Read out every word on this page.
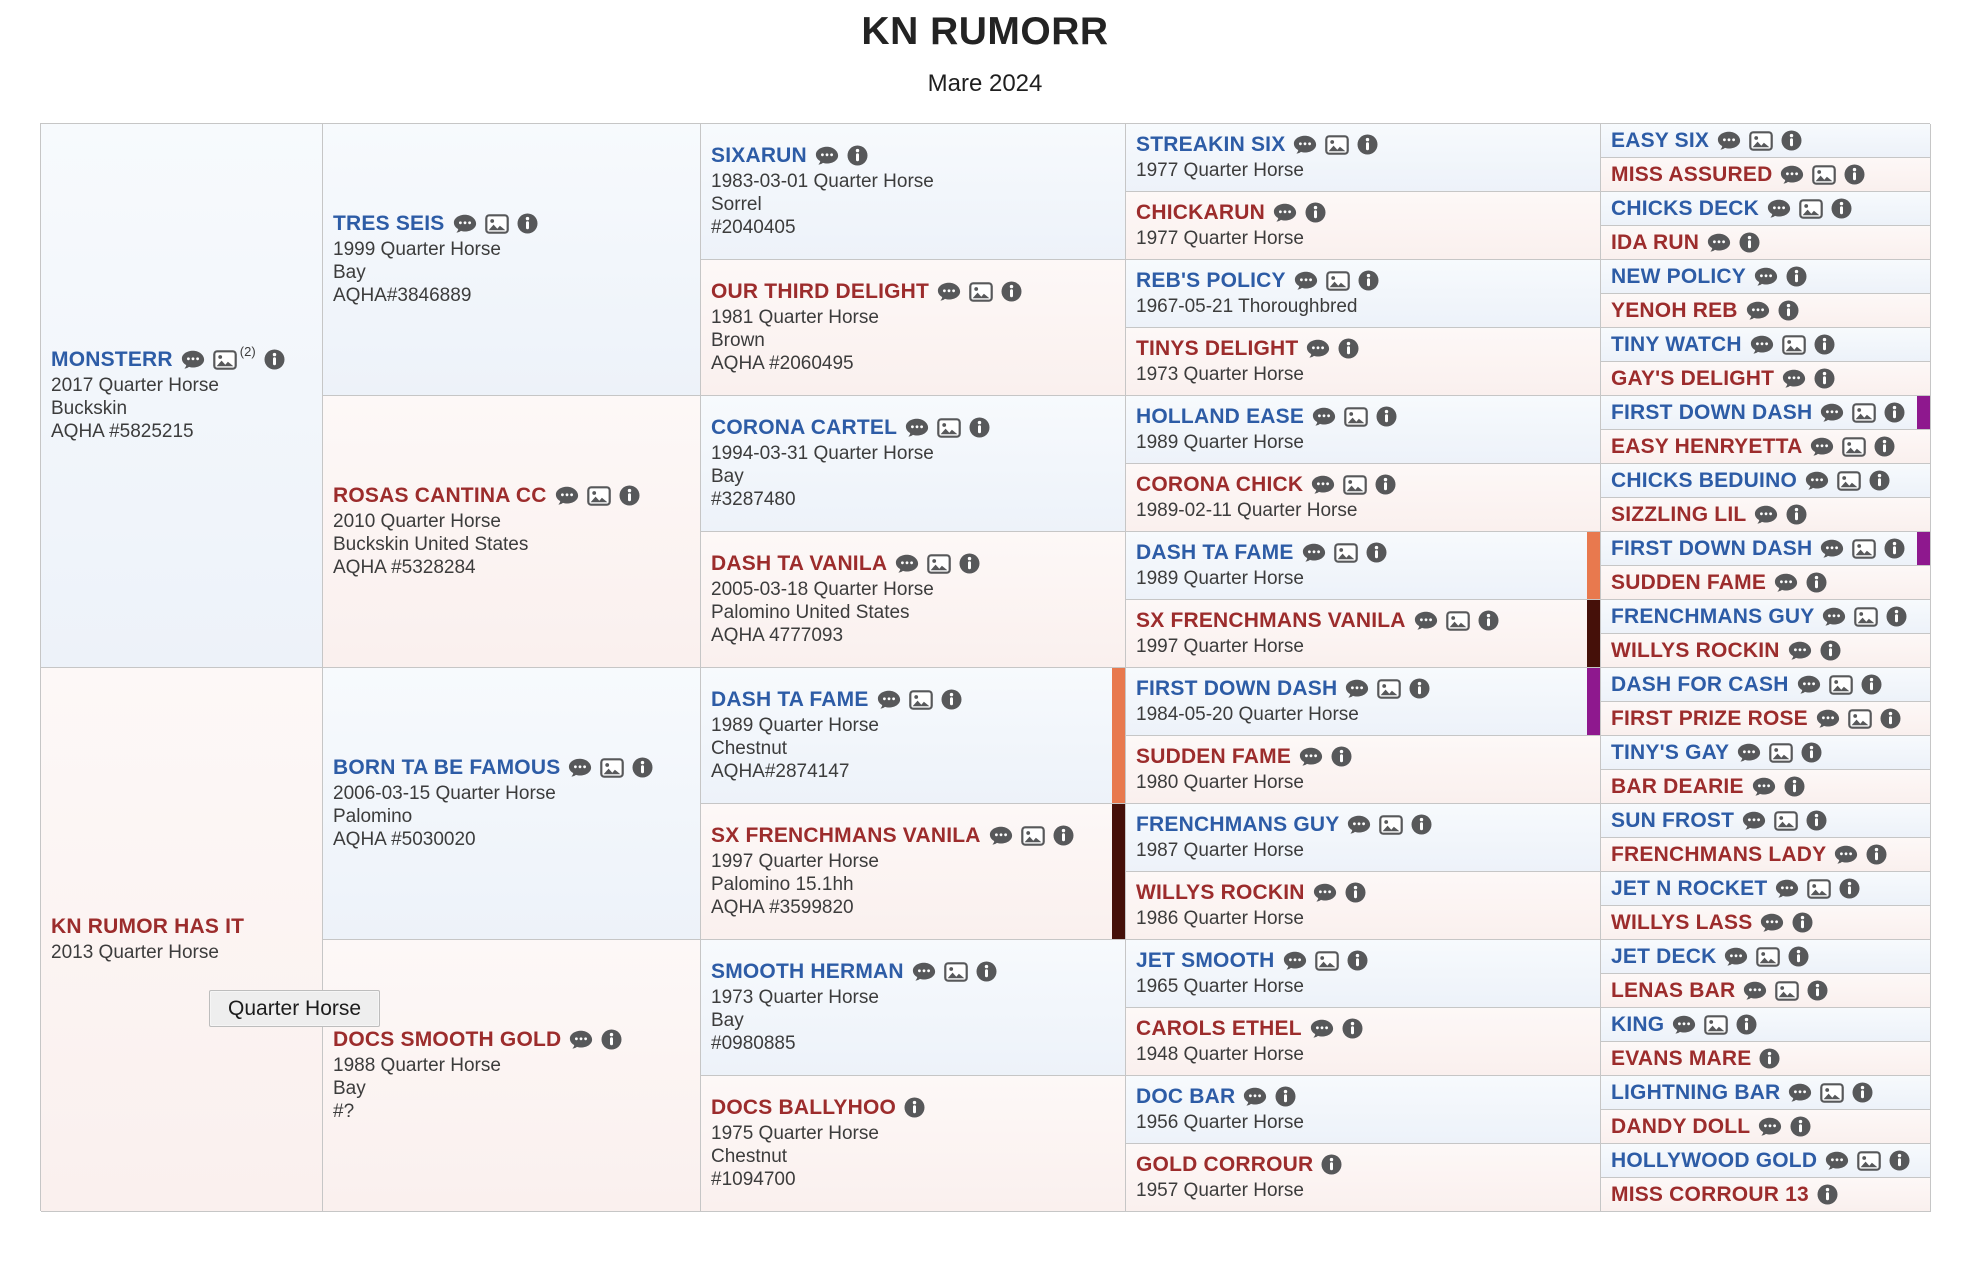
KN RUMORR
Mare 2024
MONSTERR	(2)
2017 Quarter Horse
Buckskin
AQHA #5825215
KN RUMOR HAS IT
2013 Quarter Horse
TRES SEIS
1999 Quarter Horse
Bay
AQHA#3846889
ROSAS CANTINA CC
2010 Quarter Horse
Buckskin United States
AQHA #5328284
BORN TA BE FAMOUS
2006-03-15 Quarter Horse
Palomino
AQHA #5030020
DOCS SMOOTH GOLD
1988 Quarter Horse
Bay
#?
SIXARUN
1983-03-01 Quarter Horse
Sorrel
#2040405
OUR THIRD DELIGHT
1981 Quarter Horse
Brown
AQHA #2060495
CORONA CARTEL
1994-03-31 Quarter Horse
Bay
#3287480
DASH TA VANILA
2005-03-18 Quarter Horse
Palomino United States
AQHA 4777093
DASH TA FAME
1989 Quarter Horse
Chestnut
AQHA#2874147
SX FRENCHMANS VANILA
1997 Quarter Horse
Palomino 15.1hh
AQHA #3599820
SMOOTH HERMAN
1973 Quarter Horse
Bay
#0980885
DOCS BALLYHOO
1975 Quarter Horse
Chestnut
#1094700
STREAKIN SIX
1977 Quarter Horse
CHICKARUN
1977 Quarter Horse
REB'S POLICY
1967-05-21 Thoroughbred
TINYS DELIGHT
1973 Quarter Horse
HOLLAND EASE
1989 Quarter Horse
CORONA CHICK
1989-02-11 Quarter Horse
DASH TA FAME
1989 Quarter Horse
SX FRENCHMANS VANILA
1997 Quarter Horse
FIRST DOWN DASH
1984-05-20 Quarter Horse
SUDDEN FAME
1980 Quarter Horse
FRENCHMANS GUY
1987 Quarter Horse
WILLYS ROCKIN
1986 Quarter Horse
JET SMOOTH
1965 Quarter Horse
CAROLS ETHEL
1948 Quarter Horse
DOC BAR
1956 Quarter Horse
GOLD CORROUR
1957 Quarter Horse
EASY SIX
MISS ASSURED
CHICKS DECK
IDA RUN
NEW POLICY
YENOH REB
TINY WATCH
GAY'S DELIGHT
FIRST DOWN DASH
EASY HENRYETTA
CHICKS BEDUINO
SIZZLING LIL
FIRST DOWN DASH
SUDDEN FAME
FRENCHMANS GUY
WILLYS ROCKIN
DASH FOR CASH
FIRST PRIZE ROSE
TINY'S GAY
BAR DEARIE
SUN FROST
FRENCHMANS LADY
JET N ROCKET
WILLYS LASS
JET DECK
LENAS BAR
KING
EVANS MARE
LIGHTNING BAR
DANDY DOLL
HOLLYWOOD GOLD
MISS CORROUR 13
Quarter Horse
